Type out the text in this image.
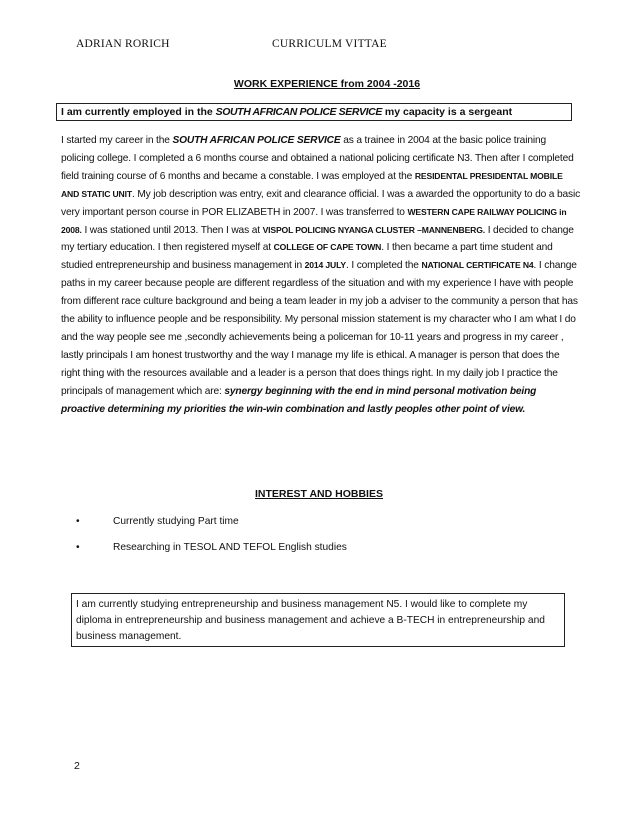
ADRIAN RORICH	CURRICULM VITTAE
WORK EXPERIENCE from 2004 -2016
I am currently employed in the SOUTH AFRICAN POLICE SERVICE my capacity is a sergeant
I started my career in the SOUTH AFRICAN POLICE SERVICE as a trainee in 2004 at the basic police training policing college. I completed a 6 months course and obtained a national policing certificate N3. Then after I completed field training course of 6 months and became a constable. I was employed at the RESIDENTAL PRESIDENTAL MOBILE AND STATIC UNIT. My job description was entry, exit and clearance official. I was a awarded the opportunity to do a basic very important person course in POR ELIZABETH in 2007. I was transferred to WESTERN CAPE RAILWAY POLICING in 2008. I was stationed until 2013. Then I was at VISPOL POLICING NYANGA CLUSTER –MANNENBERG. I decided to change my tertiary education. I then registered myself at COLLEGE OF CAPE TOWN. I then became a part time student and studied entrepreneurship and business management in 2014 JULY. I completed the NATIONAL CERTIFICATE N4. I change paths in my career because people are different regardless of the situation and with my experience I have with people from different race culture background and being a team leader in my job a adviser to the community a person that has the ability to influence people and be responsibility. My personal mission statement is my character who I am what I do and the way people see me ,secondly achievements being a policeman for 10-11 years and progress in my career , lastly principals I am honest trustworthy and the way I manage my life is ethical. A manager is person that does the right thing with the resources available and a leader is a person that does things right. In my daily job I practice the principals of management which are: synergy beginning with the end in mind personal motivation being proactive determining my priorities the win-win combination and lastly peoples other point of view.
INTEREST AND HOBBIES
•	Currently studying Part time
•	Researching in TESOL AND TEFOL English studies
I am currently studying entrepreneurship and business management N5. I would like to complete my diploma in entrepreneurship and business management and achieve a B-TECH in entrepreneurship and business management.
2
